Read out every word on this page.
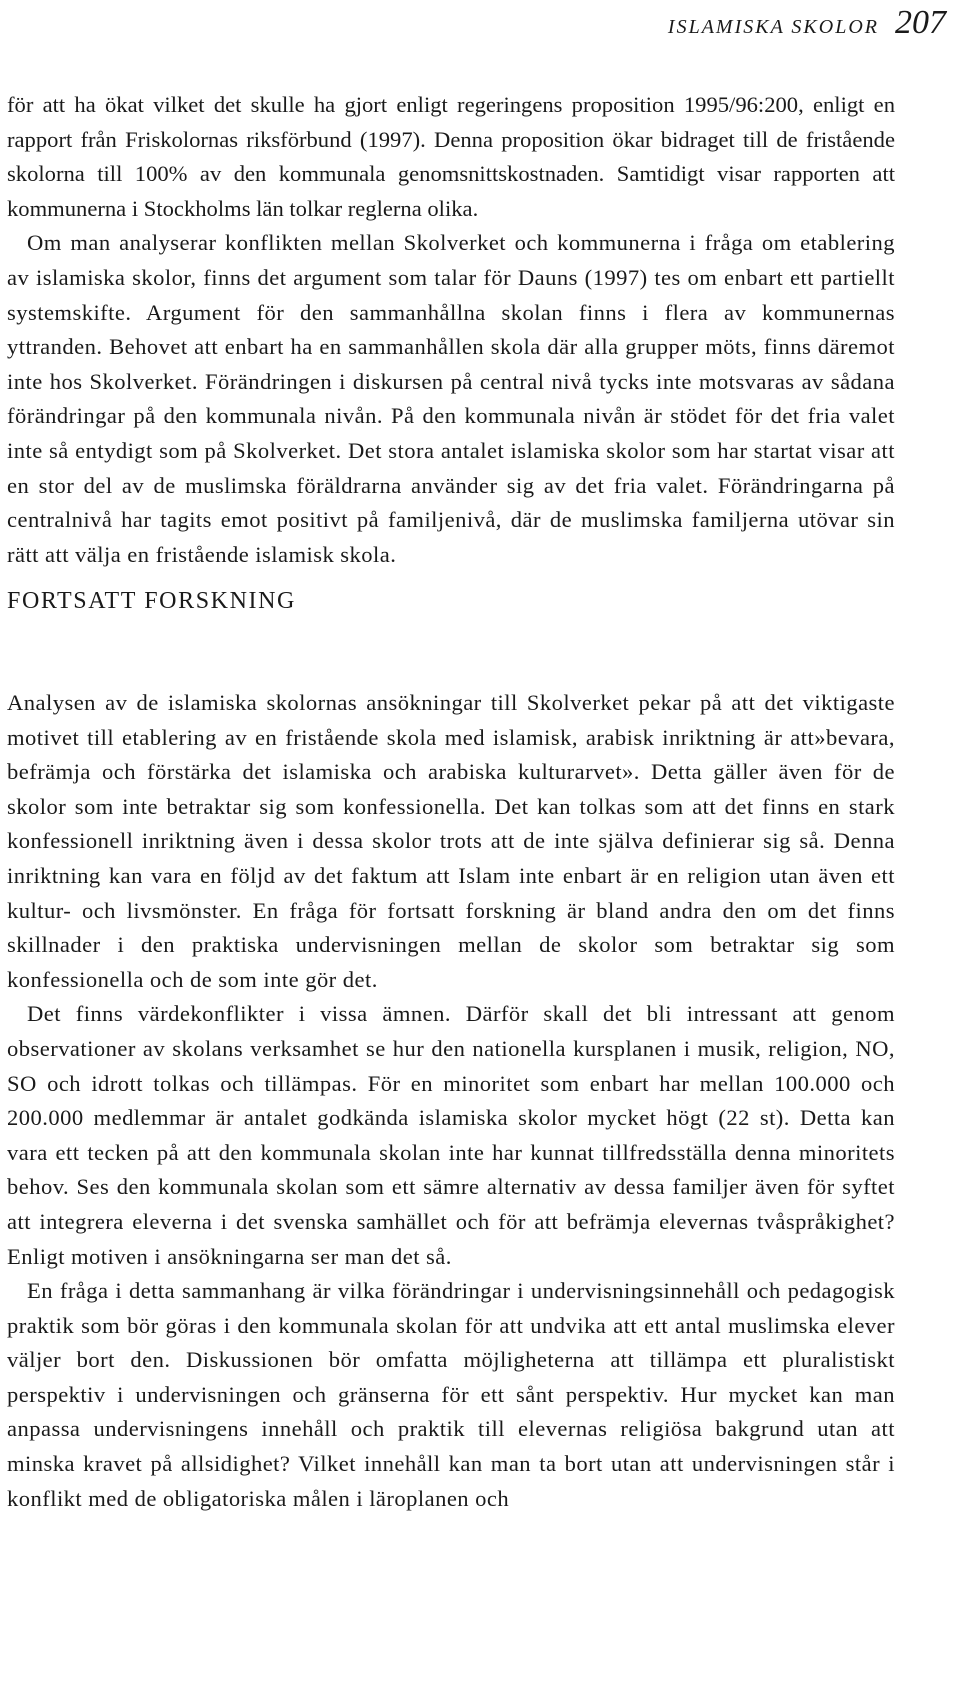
ISLAMISKA SKOLOR 207

för att ha ökat vilket det skulle ha gjort enligt regeringens proposition 1995/96:200, enligt en rapport från Friskolornas riksförbund (1997). Denna proposition ökar bidraget till de fristående skolorna till 100% av den kommunala genomsnittskostnaden. Samtidigt visar rapporten att kommunerna i Stockholms län tolkar reglerna olika.

Om man analyserar konflikten mellan Skolverket och kommunerna i fråga om etablering av islamiska skolor, finns det argument som talar för Dauns (1997) tes om enbart ett partiellt systemskifte. Argument för den sammanhållna skolan finns i flera av kommunernas yttranden. Behovet att enbart ha en sammanhållen skola där alla grupper möts, finns däremot inte hos Skolverket. Förändringen i diskursen på central nivå tycks inte motsvaras av sådana förändringar på den kommunala nivån. På den kommunala nivån är stödet för det fria valet inte så entydigt som på Skolverket. Det stora antalet islamiska skolor som har startat visar att en stor del av de muslimska föräldrarna använder sig av det fria valet. Förändringarna på centralnivå har tagits emot positivt på familjenivå, där de muslimska familjerna utövar sin rätt att välja en fristående islamisk skola.

FORTSATT FORSKNING

Analysen av de islamiska skolornas ansökningar till Skolverket pekar på att det viktigaste motivet till etablering av en fristående skola med islamisk, arabisk inriktning är att»bevara, befrämja och förstärka det islamiska och arabiska kulturarvet». Detta gäller även för de skolor som inte betraktar sig som konfessionella. Det kan tolkas som att det finns en stark konfessionell inriktning även i dessa skolor trots att de inte själva definierar sig så. Denna inriktning kan vara en följd av det faktum att Islam inte enbart är en religion utan även ett kultur- och livsmönster. En fråga för fortsatt forskning är bland andra den om det finns skillnader i den praktiska undervisningen mellan de skolor som betraktar sig som konfessionella och de som inte gör det.

Det finns värdekonflikter i vissa ämnen. Därför skall det bli intressant att genom observationer av skolans verksamhet se hur den nationella kursplanen i musik, religion, NO, SO och idrott tolkas och tillämpas. För en minoritet som enbart har mellan 100.000 och 200.000 medlemmar är antalet godkända islamiska skolor mycket högt (22 st). Detta kan vara ett tecken på att den kommunala skolan inte har kunnat tillfredsställa denna minoritets behov. Ses den kommunala skolan som ett sämre alternativ av dessa familjer även för syftet att integrera eleverna i det svenska samhället och för att befrämja elevernas tvåspråkighet? Enligt motiven i ansökningarna ser man det så.

En fråga i detta sammanhang är vilka förändringar i undervisningsinnehåll och pedagogisk praktik som bör göras i den kommunala skolan för att undvika att ett antal muslimska elever väljer bort den. Diskussionen bör omfatta möjligheterna att tillämpa ett pluralistiskt perspektiv i undervisningen och gränserna för ett sånt perspektiv. Hur mycket kan man anpassa undervisningens innehåll och praktik till elevernas religiösa bakgrund utan att minska kravet på allsidighet? Vilket innehåll kan man ta bort utan att undervisningen står i konflikt med de obligatoriska målen i läroplanen och
